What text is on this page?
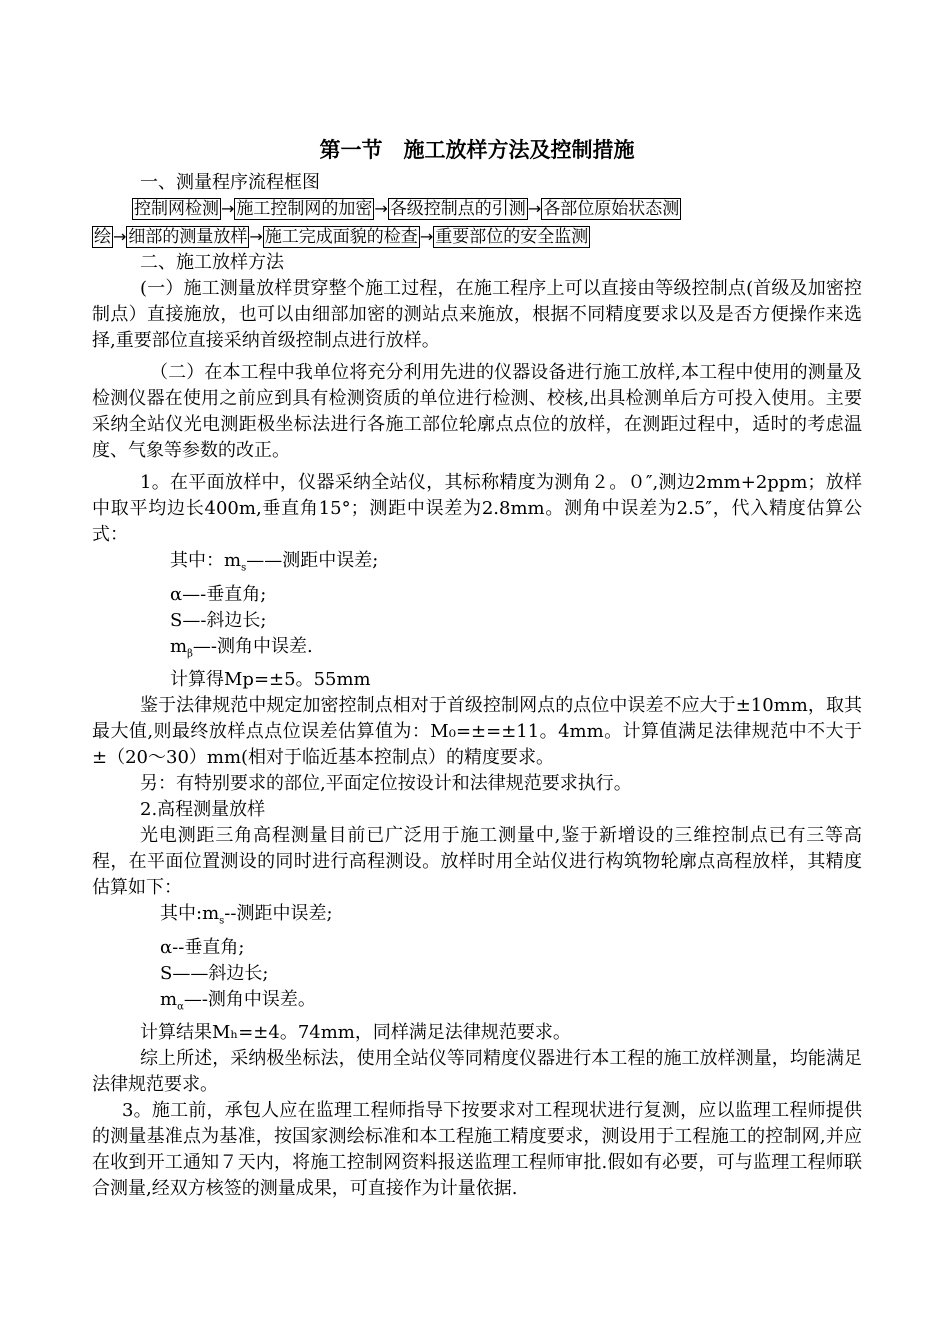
第一节　施工放样方法及控制措施

一、测量程序流程框图

控制网检测 → 施工控制网的加密 → 各级控制点的引测 → 各部位原始状态测
绘 → 细部的测量放样 → 施工完成面貌的检查 → 重要部位的安全监测

二、施工放样方法

(一）施工测量放样贯穿整个施工过程，在施工程序上可以直接由等级控制点(首级及加密控制点）直接施放，也可以由细部加密的测站点来施放，根据不同精度要求以及是否方便操作来选择,重要部位直接采纳首级控制点进行放样。

（二）在本工程中我单位将充分利用先进的仪器设备进行施工放样,本工程中使用的测量及检测仪器在使用之前应到具有检测资质的单位进行检测、校核,出具检测单后方可投入使用。主要采纳全站仪光电测距极坐标法进行各施工部位轮廓点点位的放样，在测距过程中，适时的考虑温度、气象等参数的改正。

1。在平面放样中，仪器采纳全站仪，其标称精度为测角２。０″,测边2mm+2ppm；放样中取平均边长400m,垂直角15°；测距中误差为2.8mm。测角中误差为2.5″，代入精度估算公式：

其中：$m_s——$测距中误差;
α—-垂直角;
S—-斜边长;
$m_\beta—-$测角中误差.
计算得Mp=±5。55mm

鉴于法律规范中规定加密控制点相对于首级控制网点的点位中误差不应大于±10mm，取其最大值,则最终放样点点位误差估算值为：M₀=±=±11。4mm。计算值满足法律规范中不大于±（20～30）mm(相对于临近基本控制点）的精度要求。

另：有特别要求的部位,平面定位按设计和法律规范要求执行。

2.高程测量放样

光电测距三角高程测量目前已广泛用于施工测量中,鉴于新增设的三维控制点已有三等高程，在平面位置测设的同时进行高程测设。放样时用全站仪进行构筑物轮廓点高程放样，其精度估算如下：

其中$:m_s--$测距中误差;
α--垂直角;
S——斜边长;
$m_\alpha—-$测角中误差。

计算结果Mₕ=±4。74mm，同样满足法律规范要求。

综上所述，采纳极坐标法，使用全站仪等同精度仪器进行本工程的施工放样测量，均能满足法律规范要求。

3。施工前，承包人应在监理工程师指导下按要求对工程现状进行复测，应以监理工程师提供的测量基准点为基准，按国家测绘标准和本工程施工精度要求，测设用于工程施工的控制网,并应在收到开工通知７天内，将施工控制网资料报送监理工程师审批.假如有必要，可与监理工程师联合测量,经双方核签的测量成果，可直接作为计量依据.
